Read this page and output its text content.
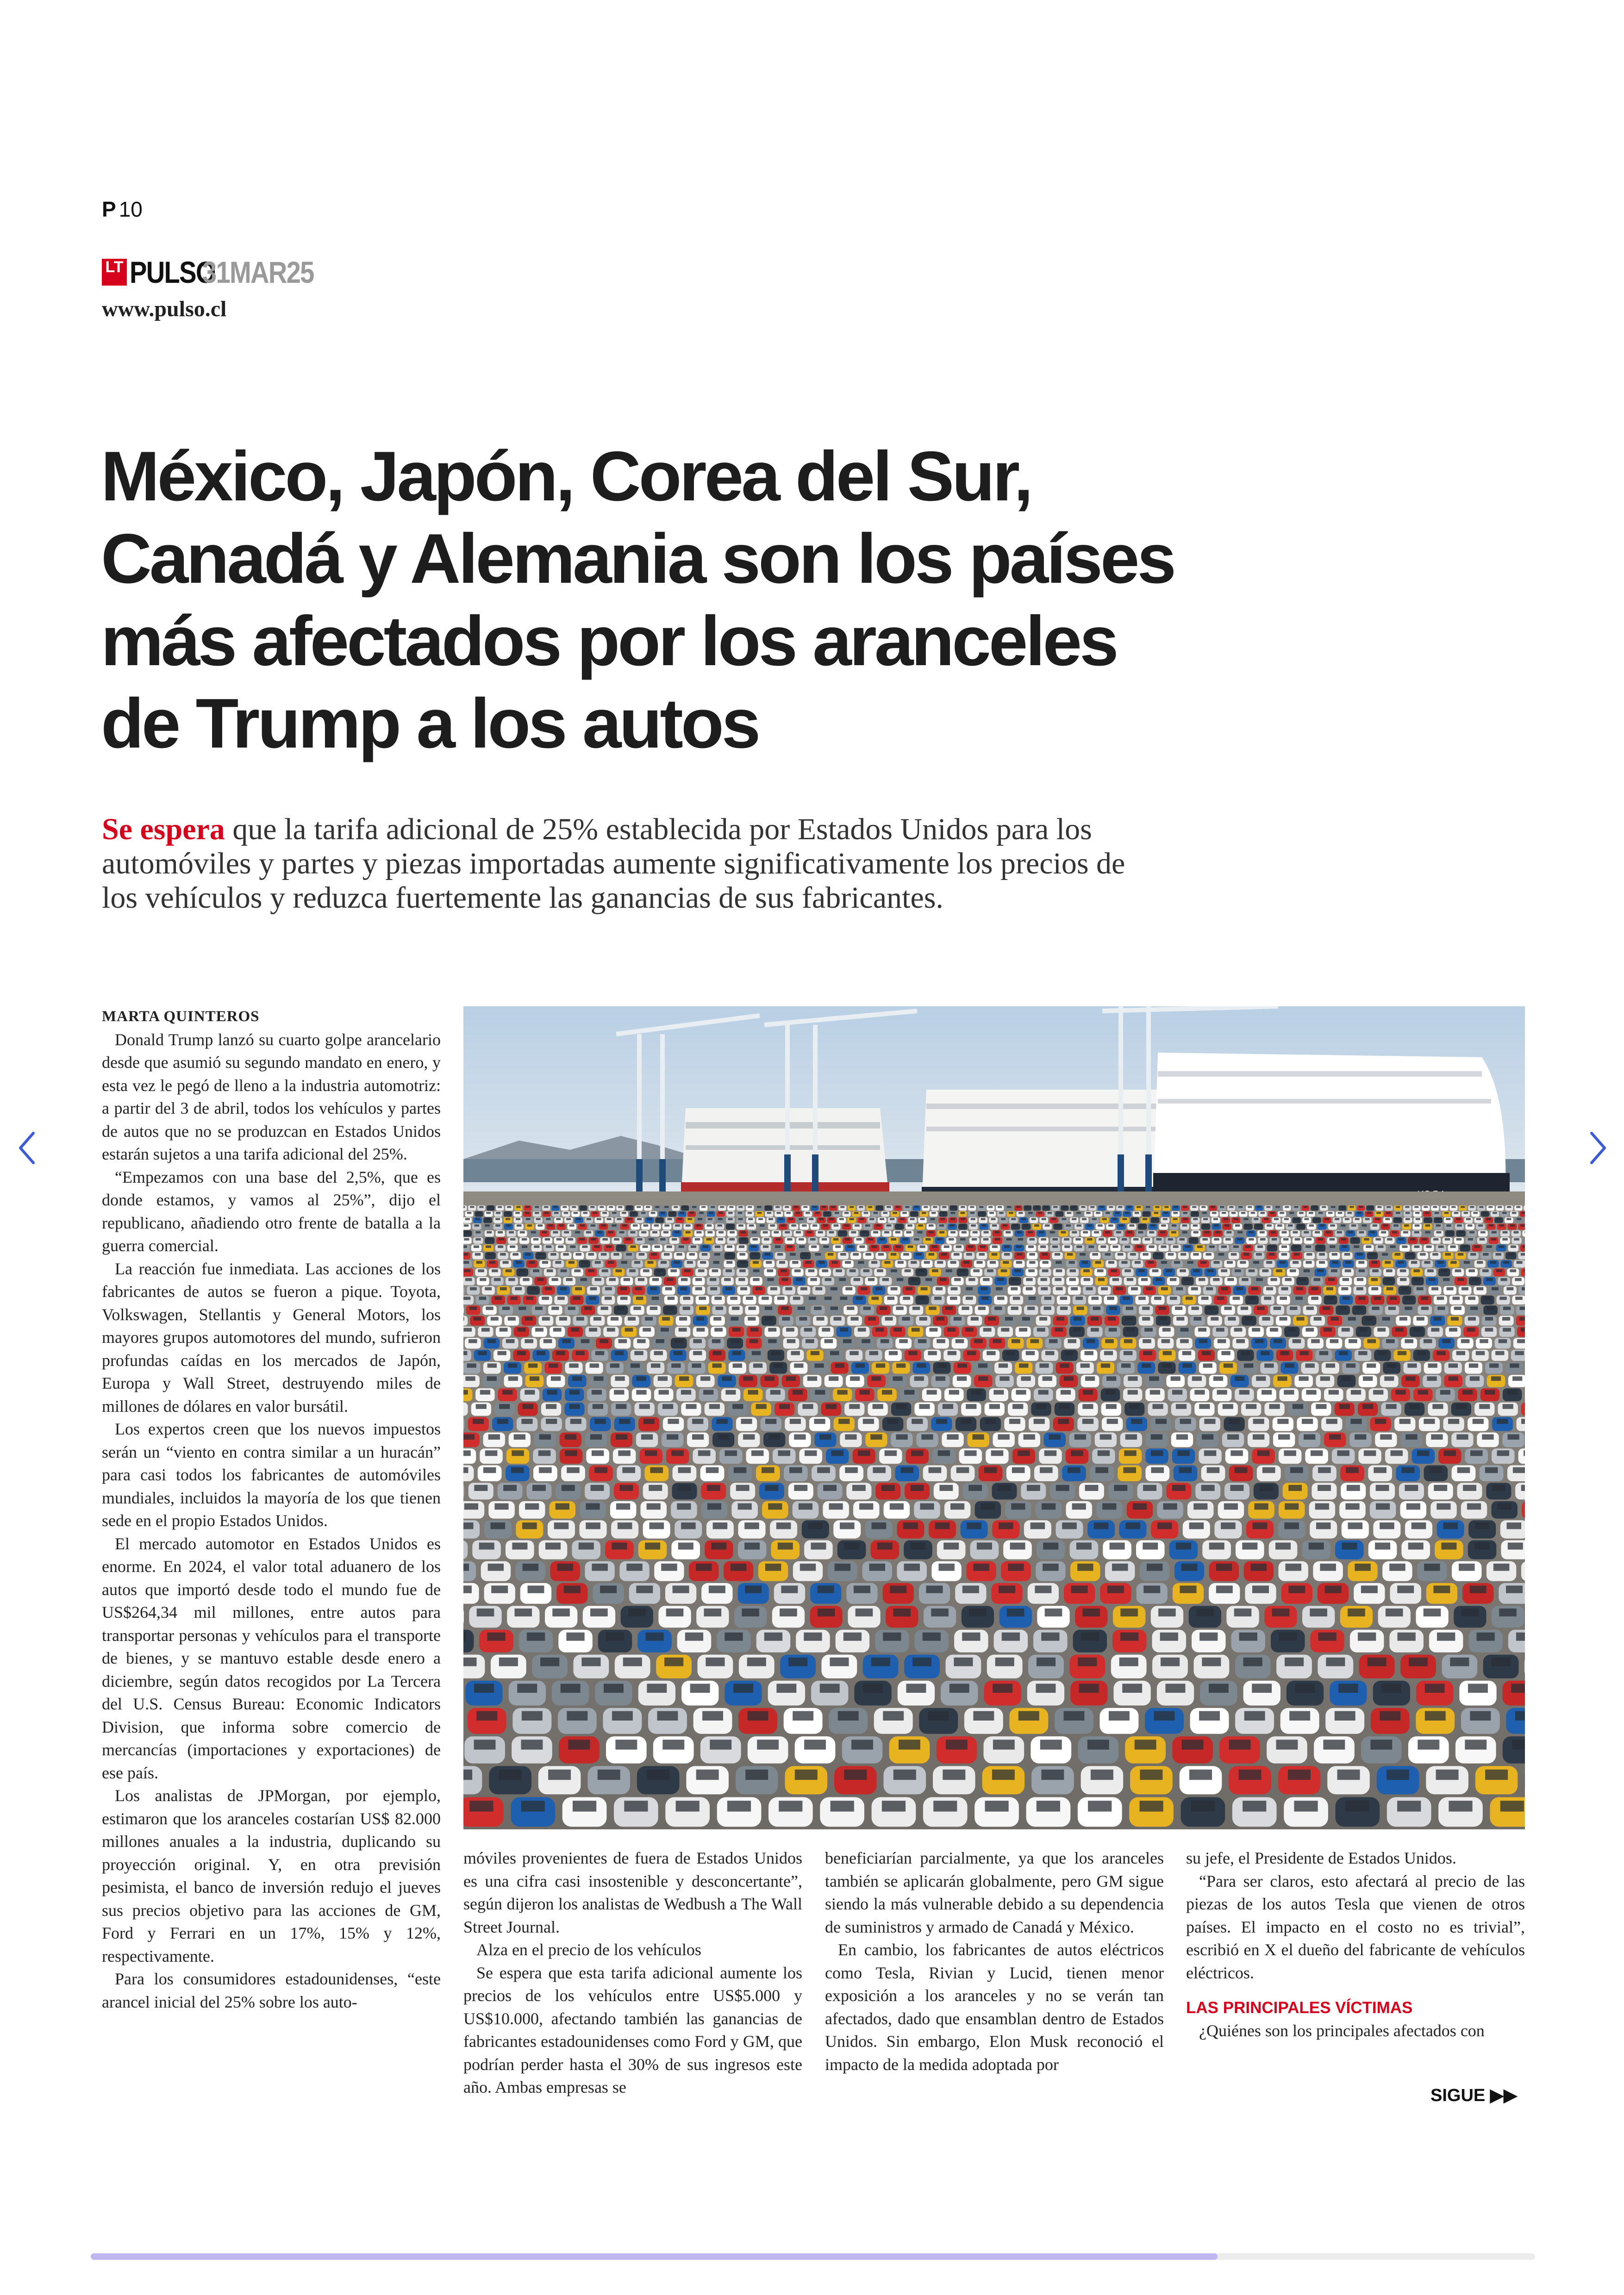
P 10
LT PULSO
31MAR25
www.pulso.cl
México, Japón, Corea del Sur, Canadá y Alemania son los países más afectados por los aranceles de Trump a los autos

Se espera que la tarifa adicional de 25% establecida por Estados Unidos para los automóviles y partes y piezas importadas aumente significativamente los precios de los vehículos y reduzca fuertemente las ganancias de sus fabricantes.

MARTA QUINTEROS

Donald Trump lanzó su cuarto golpe arancelario desde que asumió su segundo mandato en enero, y esta vez le pegó de lleno a la industria automotriz: a partir del 3 de abril, todos los vehículos y partes de autos que no se produzcan en Estados Unidos estarán sujetos a una tarifa adicional del 25%.

“Empezamos con una base del 2,5%, que es donde estamos, y vamos al 25%”, dijo el republicano, añadiendo otro frente de batalla a la guerra comercial.

La reacción fue inmediata. Las acciones de los fabricantes de autos se fueron a pique. Toyota, Volkswagen, Stellantis y General Motors, los mayores grupos automotores del mundo, sufrieron profundas caídas en los mercados de Japón, Europa y Wall Street, destruyendo miles de millones de dólares en valor bursátil.

Los expertos creen que los nuevos impuestos serán un “viento en contra similar a un huracán” para casi todos los fabricantes de automóviles mundiales, incluidos la mayoría de los que tienen sede en el propio Estados Unidos.

El mercado automotor en Estados Unidos es enorme. En 2024, el valor total aduanero de los autos que importó desde todo el mundo fue de US$264,34 mil millones, entre autos para transportar personas y vehículos para el transporte de bienes, y se mantuvo estable desde enero a diciembre, según datos recogidos por La Tercera del U.S. Census Bureau: Economic Indicators Division, que informa sobre comercio de mercancías (importaciones y exportaciones) de ese país.

Los analistas de JPMorgan, por ejemplo, estimaron que los aranceles costarían US$ 82.000 millones anuales a la industria, duplicando su proyección original. Y, en otra previsión pesimista, el banco de inversión redujo el jueves sus precios objetivo para las acciones de GM, Ford y Ferrari en un 17%, 15% y 12%, respectivamente.

Para los consumidores estadounidenses, “este arancel inicial del 25% sobre los auto-

móviles provenientes de fuera de Estados Unidos es una cifra casi insostenible y desconcertante”, según dijeron los analistas de Wedbush a The Wall Street Journal.

Alza en el precio de los vehículos

Se espera que esta tarifa adicional aumente los precios de los vehículos entre US$5.000 y US$10.000, afectando también las ganancias de fabricantes estadounidenses como Ford y GM, que podrían perder hasta el 30% de sus ingresos este año. Ambas empresas se

beneficiarían parcialmente, ya que los aranceles también se aplicarán globalmente, pero GM sigue siendo la más vulnerable debido a su dependencia de suministros y armado de Canadá y México.

En cambio, los fabricantes de autos eléctricos como Tesla, Rivian y Lucid, tienen menor exposición a los aranceles y no se verán tan afectados, dado que ensamblan dentro de Estados Unidos. Sin embargo, Elon Musk reconoció el impacto de la medida adoptada por

su jefe, el Presidente de Estados Unidos.

“Para ser claros, esto afectará al precio de las piezas de los autos Tesla que vienen de otros países. El impacto en el costo no es trivial”, escribió en X el dueño del fabricante de vehículos eléctricos.

LAS PRINCIPALES VÍCTIMAS

¿Quiénes son los principales afectados con

SIGUE ▶▶
